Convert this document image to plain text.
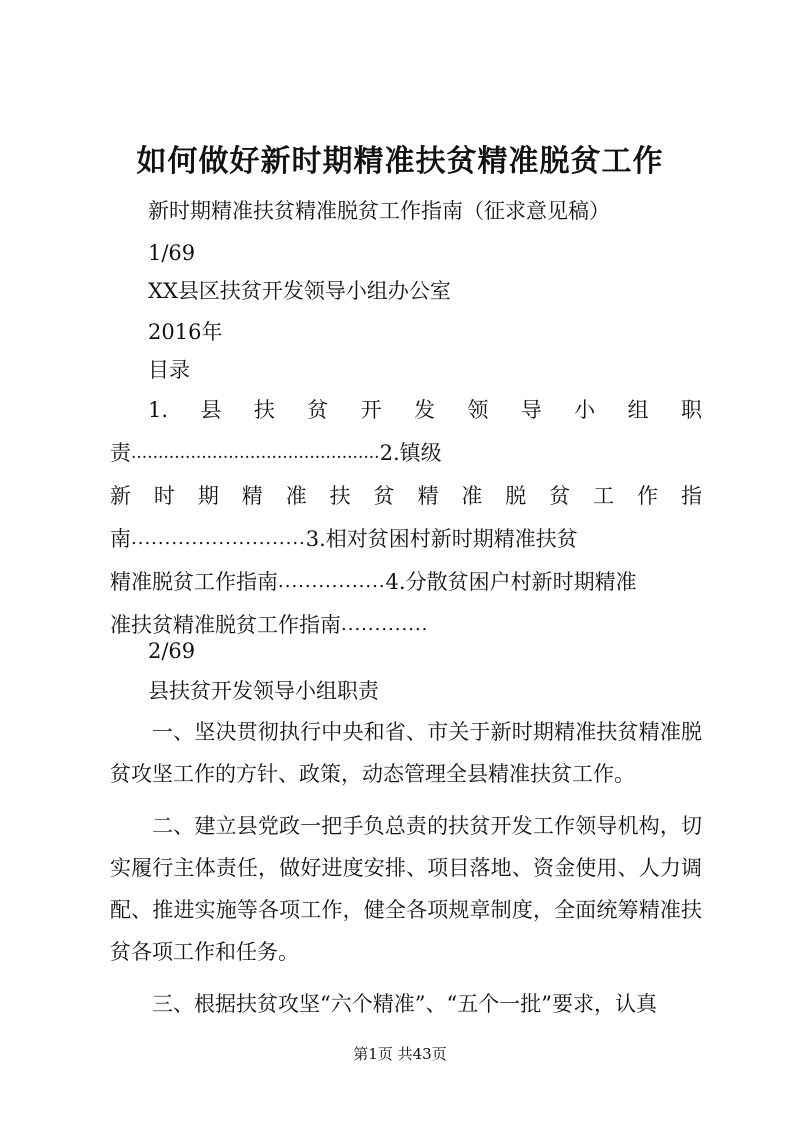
如何做好新时期精准扶贫精准脱贫工作
新时期精准扶贫精准脱贫工作指南（征求意见稿）
1/69
XX县区扶贫开发领导小组办公室
2016年
目录
1. 县 扶 贫 开 发 领 导 小 组 职
责 .............................................. 2.镇级
新 时 期 精 准 扶 贫 精 准 脱 贫 工 作 指
南 .......................... 3.相对贫困村新时期精准扶贫
精准脱贫工作指南 ................ 4.分散贫困户村新时期精准
准扶贫精准脱贫工作指南 .............
2/69
县扶贫开发领导小组职责

一、坚决贯彻执行中央和省、市关于新时期精准扶贫精准脱贫攻坚工作的方针、政策，动态管理全县精准扶贫工作。

二、建立县党政一把手负总责的扶贫开发工作领导机构，切实履行主体责任，做好进度安排、项目落地、资金使用、人力调配、推进实施等各项工作，健全各项规章制度，全面统筹精准扶贫各项工作和任务。

三、根据扶贫攻坚“六个精准”、“五个一批”要求，认真

第1页 共43页
